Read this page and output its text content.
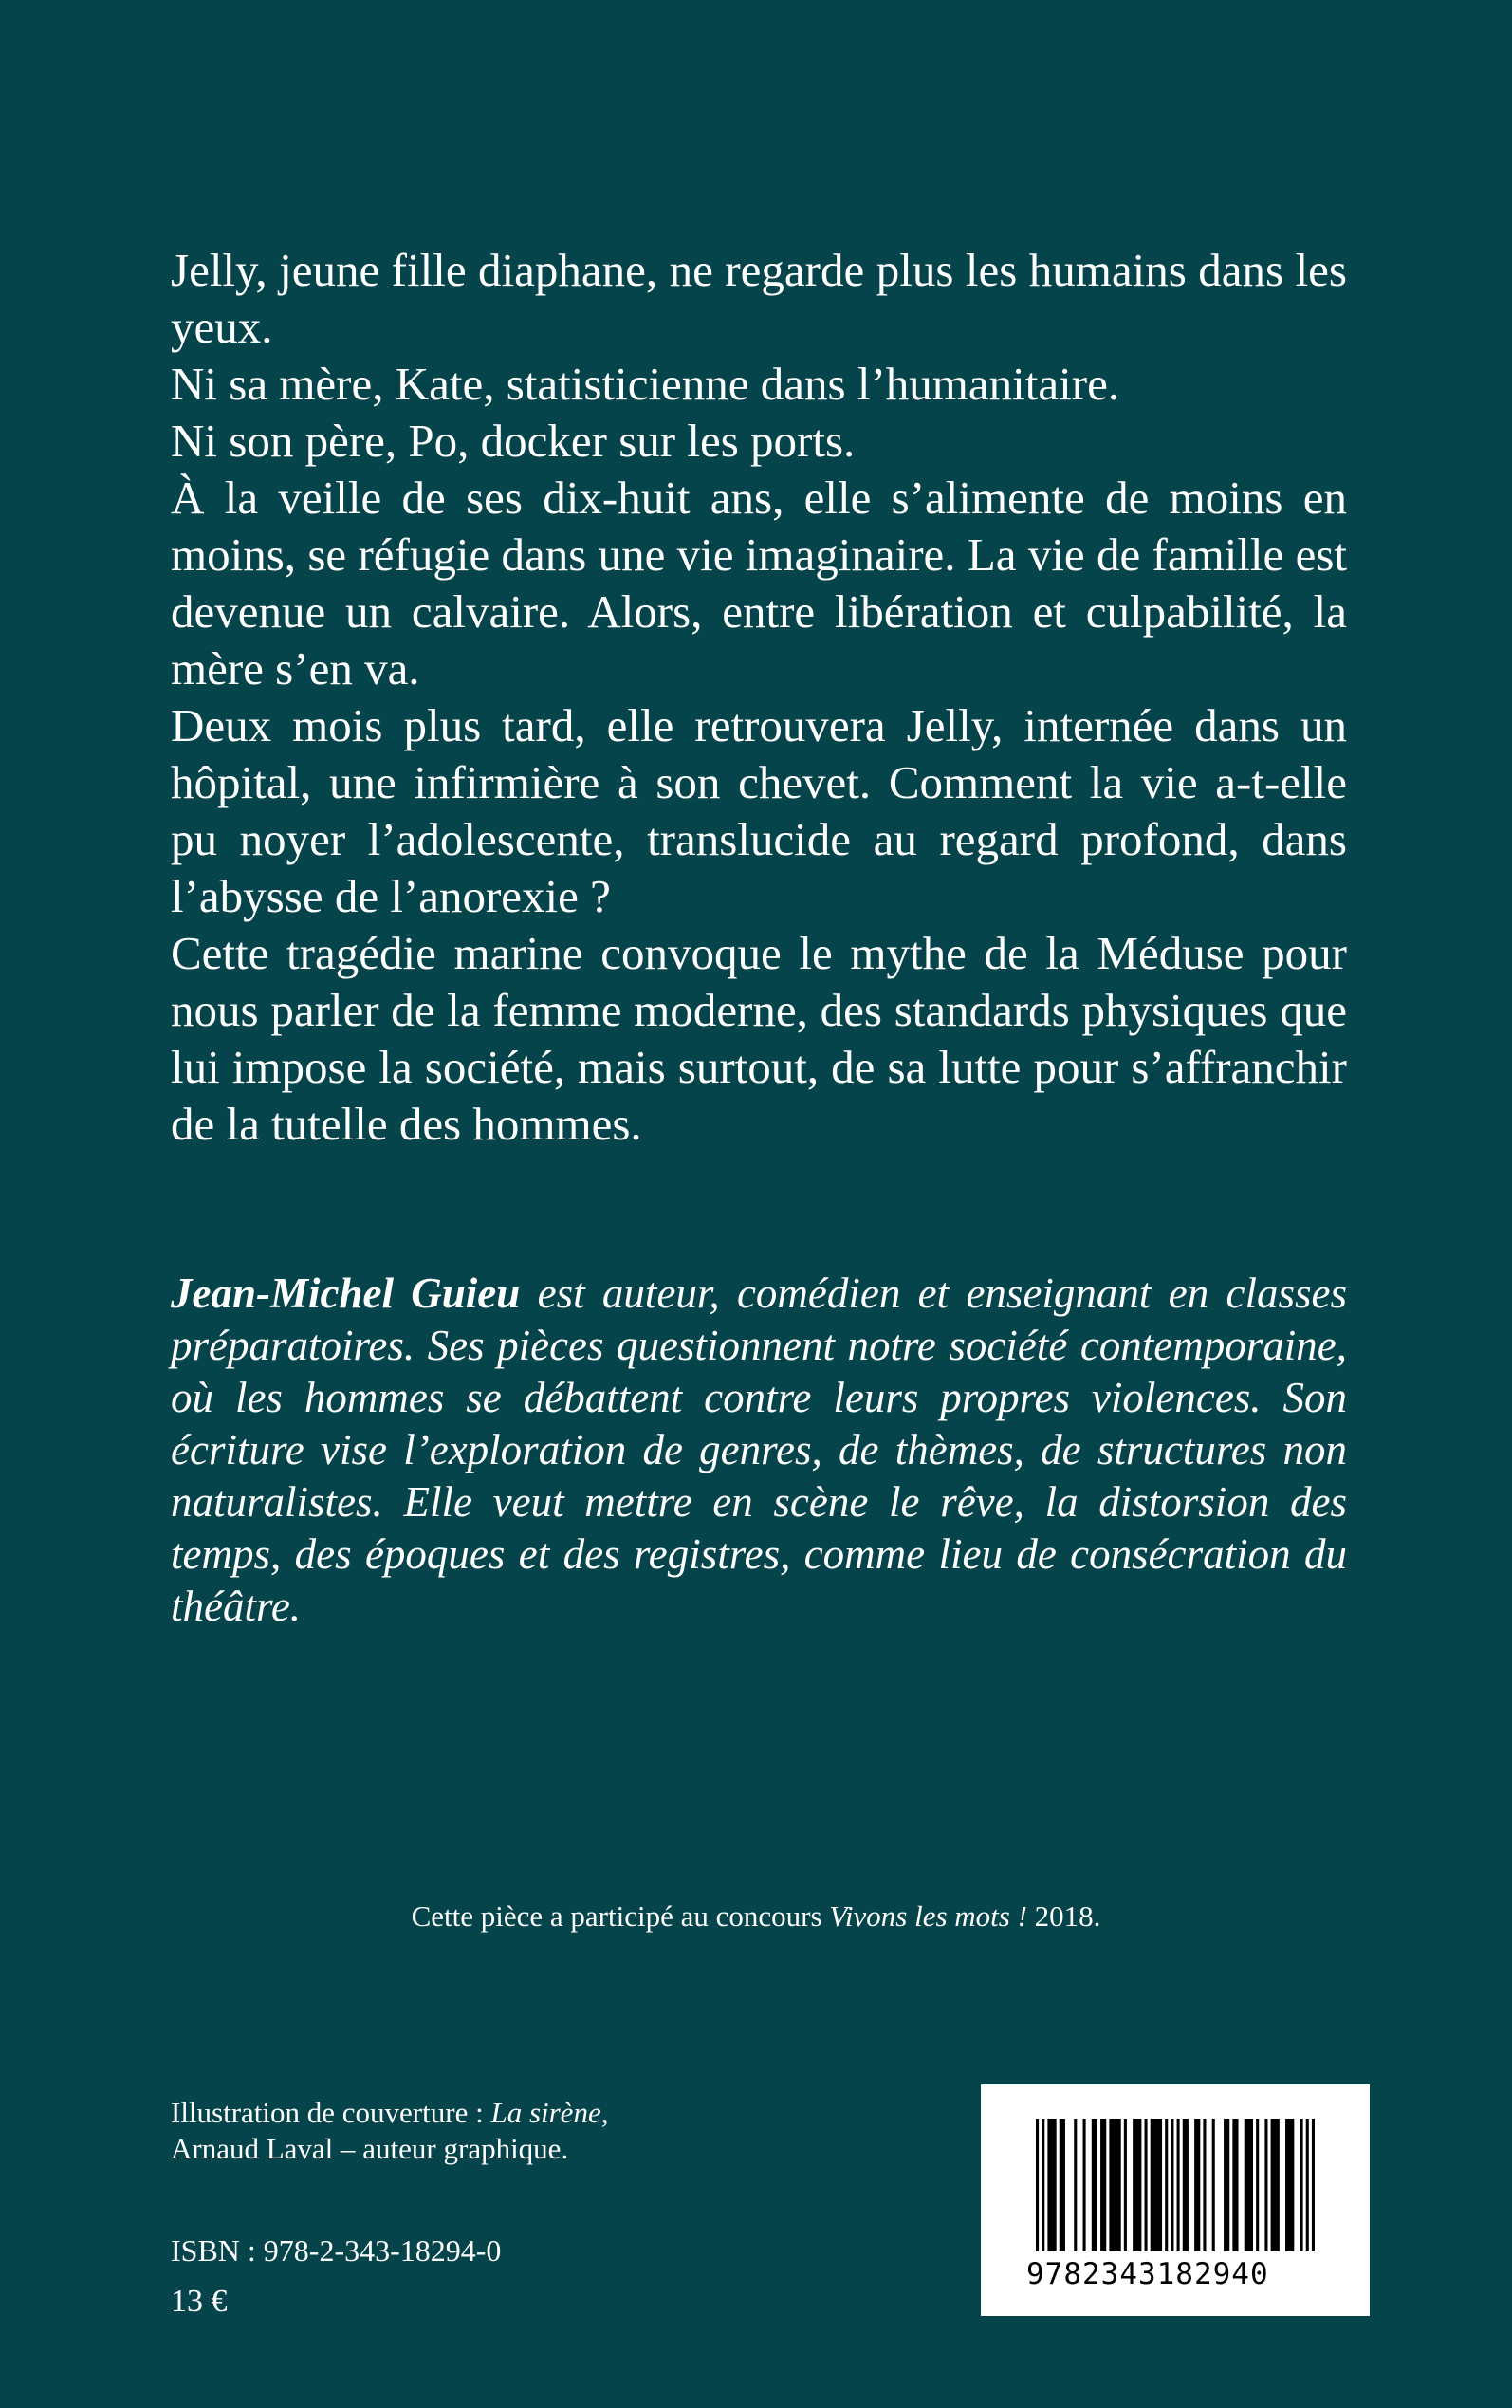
Jelly, jeune fille diaphane, ne regarde plus les humains dans les yeux.

Ni sa mère, Kate, statisticienne dans l’humanitaire.

Ni son père, Po, docker sur les ports.

À la veille de ses dix-huit ans, elle s’alimente de moins en moins, se réfugie dans une vie imaginaire. La vie de famille est devenue un calvaire. Alors, entre libération et culpabilité, la mère s’en va.

Deux mois plus tard, elle retrouvera Jelly, internée dans un hôpital, une infirmière à son chevet. Comment la vie a-t-elle pu noyer l’adolescente, translucide au regard profond, dans l’abysse de l’anorexie ?

Cette tragédie marine convoque le mythe de la Méduse pour nous parler de la femme moderne, des standards physiques que lui impose la société, mais surtout, de sa lutte pour s’affranchir de la tutelle des hommes.

Jean-Michel Guieu est auteur, comédien et enseignant en classes préparatoires. Ses pièces questionnent notre société contemporaine, où les hommes se débattent contre leurs propres violences. Son écriture vise l’exploration de genres, de thèmes, de structures non naturalistes. Elle veut mettre en scène le rêve, la distorsion des temps, des époques et des registres, comme lieu de consécration du théâtre.

Cette pièce a participé au concours Vivons les mots ! 2018.
Illustration de couverture : La sirène,
Arnaud Laval – auteur graphique.
ISBN : 978-2-343-18294-0
13 €
9782343182940
